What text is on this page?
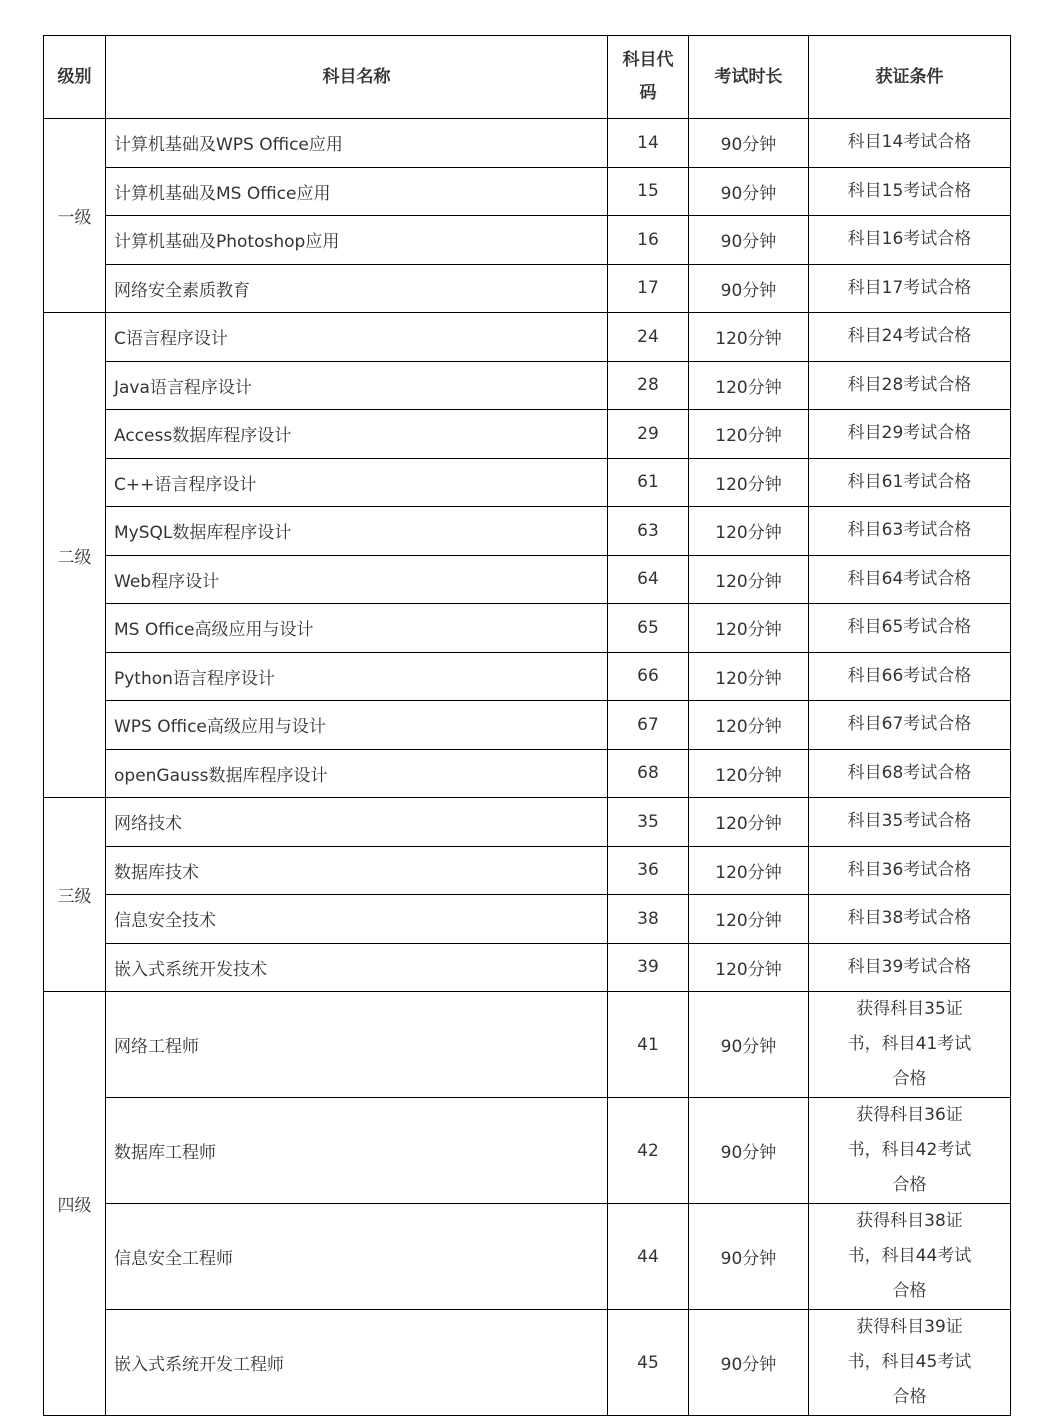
级别	科目名称	科目代码	考试时长	获证条件
一级	计算机基础及WPS Office应用	14	90分钟	科目14考试合格
	计算机基础及MS Office应用	15	90分钟	科目15考试合格
	计算机基础及Photoshop应用	16	90分钟	科目16考试合格
	网络安全素质教育	17	90分钟	科目17考试合格
二级	C语言程序设计	24	120分钟	科目24考试合格
	Java语言程序设计	28	120分钟	科目28考试合格
	Access数据库程序设计	29	120分钟	科目29考试合格
	C++语言程序设计	61	120分钟	科目61考试合格
	MySQL数据库程序设计	63	120分钟	科目63考试合格
	Web程序设计	64	120分钟	科目64考试合格
	MS Office高级应用与设计	65	120分钟	科目65考试合格
	Python语言程序设计	66	120分钟	科目66考试合格
	WPS Office高级应用与设计	67	120分钟	科目67考试合格
	openGauss数据库程序设计	68	120分钟	科目68考试合格
三级	网络技术	35	120分钟	科目35考试合格
	数据库技术	36	120分钟	科目36考试合格
	信息安全技术	38	120分钟	科目38考试合格
	嵌入式系统开发技术	39	120分钟	科目39考试合格
四级	网络工程师	41	90分钟	获得科目35证书，科目41考试合格
	数据库工程师	42	90分钟	获得科目36证书，科目42考试合格
	信息安全工程师	44	90分钟	获得科目38证书，科目44考试合格
	嵌入式系统开发工程师	45	90分钟	获得科目39证书，科目45考试合格
